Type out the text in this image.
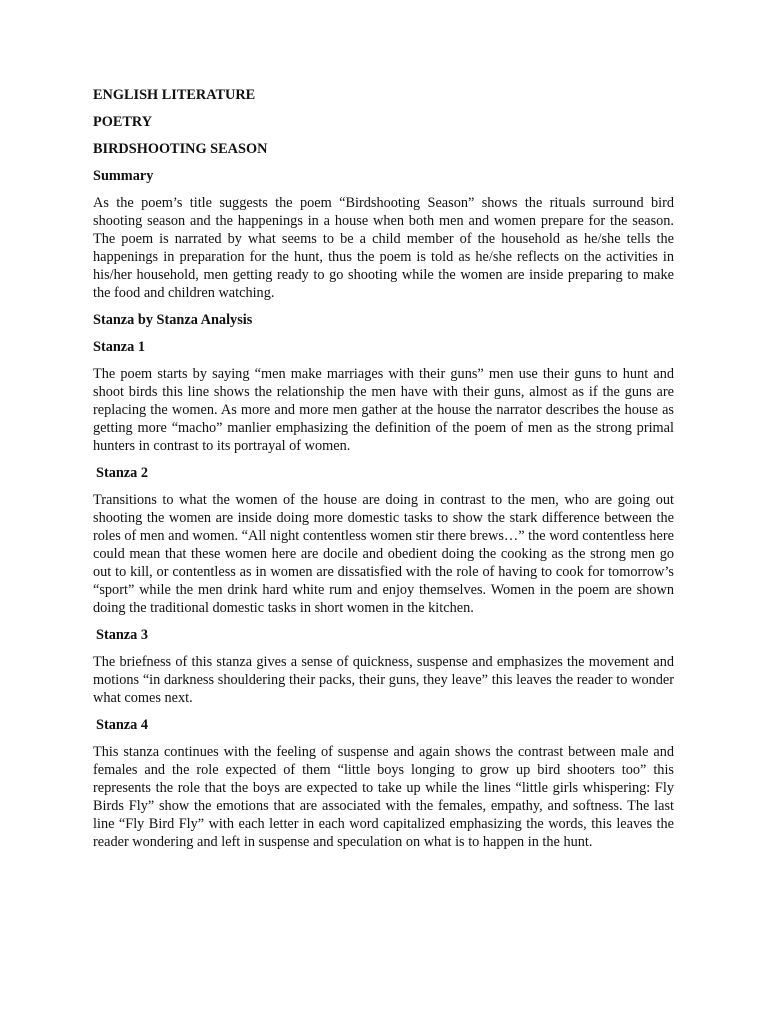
ENGLISH LITERATURE
POETRY
BIRDSHOOTING SEASON
Summary

As the poem’s title suggests the poem “Birdshooting Season” shows the rituals surround bird shooting season and the happenings in a house when both men and women prepare for the season. The poem is narrated by what seems to be a child member of the household as he/she tells the happenings in preparation for the hunt, thus the poem is told as he/she reflects on the activities in his/her household, men getting ready to go shooting while the women are inside preparing to make the food and children watching.

Stanza by Stanza Analysis
Stanza 1

The poem starts by saying “men make marriages with their guns” men use their guns to hunt and shoot birds this line shows the relationship the men have with their guns, almost as if the guns are replacing the women. As more and more men gather at the house the narrator describes the house as getting more “macho” manlier emphasizing the definition of the poem of men as the strong primal hunters in contrast to its portrayal of women.

Stanza 2

Transitions to what the women of the house are doing in contrast to the men, who are going out shooting the women are inside doing more domestic tasks to show the stark difference between the roles of men and women. “All night contentless women stir there brews…” the word contentless here could mean that these women here are docile and obedient doing the cooking as the strong men go out to kill, or contentless as in women are dissatisfied with the role of having to cook for tomorrow’s “sport” while the men drink hard white rum and enjoy themselves. Women in the poem are shown doing the traditional domestic tasks in short women in the kitchen.

Stanza 3

The briefness of this stanza gives a sense of quickness, suspense and emphasizes the movement and motions “in darkness shouldering their packs, their guns, they leave” this leaves the reader to wonder what comes next.

Stanza 4

This stanza continues with the feeling of suspense and again shows the contrast between male and females and the role expected of them “little boys longing to grow up bird shooters too” this represents the role that the boys are expected to take up while the lines “little girls whispering: Fly Birds Fly” show the emotions that are associated with the females, empathy, and softness. The last line “Fly Bird Fly” with each letter in each word capitalized emphasizing the words, this leaves the reader wondering and left in suspense and speculation on what is to happen in the hunt.
